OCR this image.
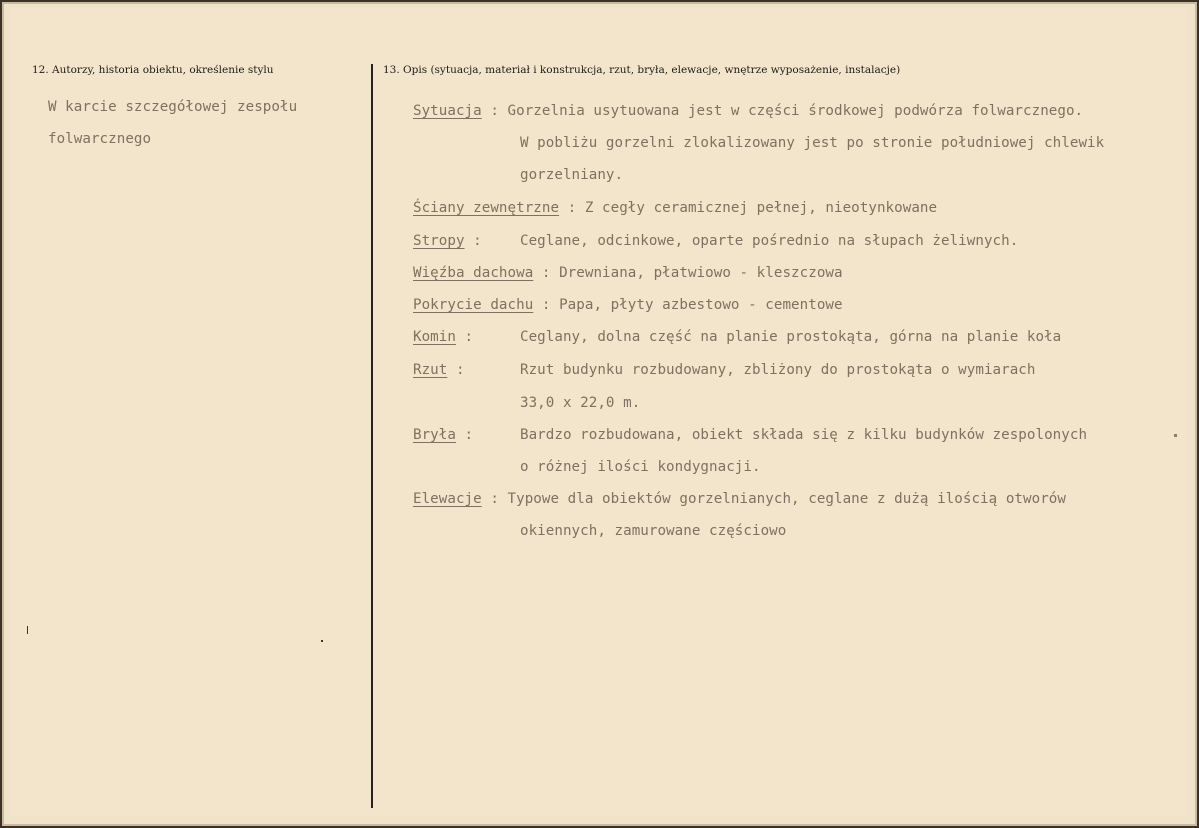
12. Autorzy, historia obiektu, określenie stylu
W karcie szczegółowej zespołu
folwarcznego
13. Opis (sytuacja, materiał i konstrukcja, rzut, bryła, elewacje, wnętrze wyposażenie, instalacje)
Sytuacja : Gorzelnia usytuowana jest w części środkowej podwórza folwarcznego.
W pobliżu gorzelni zlokalizowany jest po stronie południowej chlewik
gorzelniany.
Ściany zewnętrzne : Z cegły ceramicznej pełnej, nieotynkowane
Stropy :	Ceglane, odcinkowe, oparte pośrednio na słupach żeliwnych.
Więźba dachowa : Drewniana, płatwiowo - kleszczowa
Pokrycie dachu : Papa, płyty azbestowo - cementowe
Komin :	Ceglany, dolna część na planie prostokąta, górna na planie koła
Rzut :	Rzut budynku rozbudowany, zbliżony do prostokąta o wymiarach
33,0 x 22,0 m.
Bryła :	Bardzo rozbudowana, obiekt składa się z kilku budynków zespolonych
o różnej ilości kondygnacji.
Elewacje : Typowe dla obiektów gorzelnianych, ceglane z dużą ilością otworów
okiennych, zamurowane częściowo
